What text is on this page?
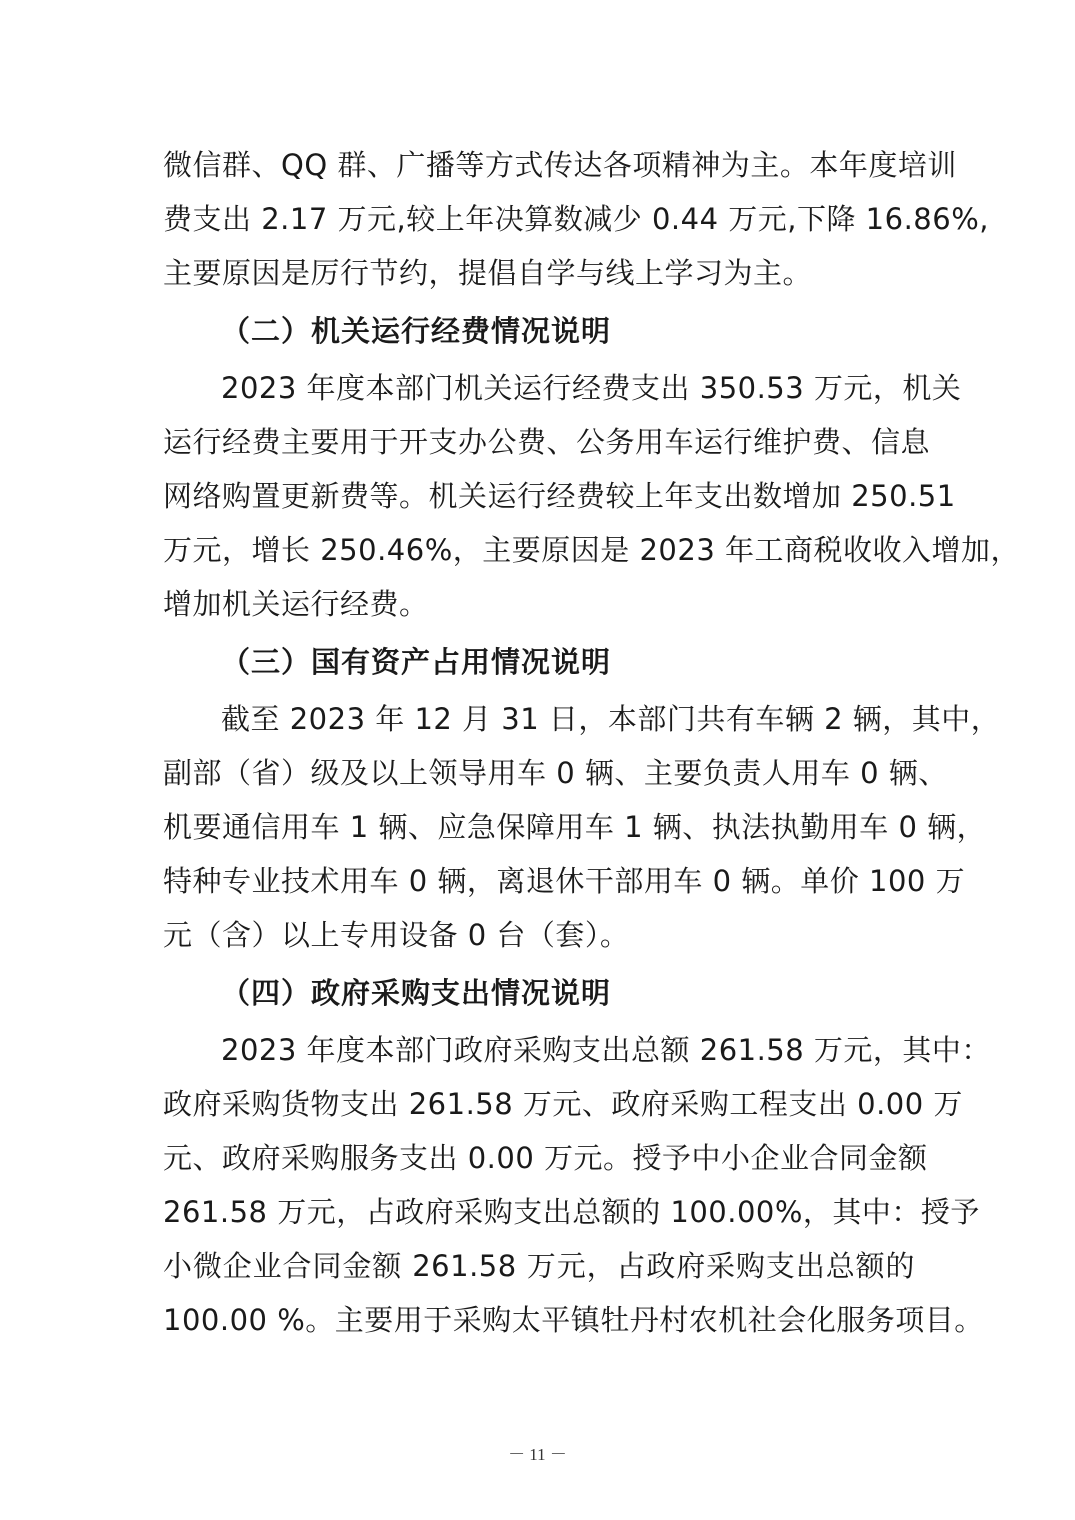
微信群、QQ 群、广播等方式传达各项精神为主。本年度培训

费支出 2.17 万元,较上年决算数减少 0.44 万元,下降 16.86%,

主要原因是厉行节约，提倡自学与线上学习为主。

（二）机关运行经费情况说明

2023 年度本部门机关运行经费支出 350.53 万元，机关

运行经费主要用于开支办公费、公务用车运行维护费、信息

网络购置更新费等。机关运行经费较上年支出数增加 250.51

万元，增长 250.46%，主要原因是 2023 年工商税收收入增加，

增加机关运行经费。

（三）国有资产占用情况说明

截至 2023 年 12 月 31 日，本部门共有车辆 2 辆，其中，

副部（省）级及以上领导用车 0 辆、主要负责人用车 0 辆、

机要通信用车 1 辆、应急保障用车 1 辆、执法执勤用车 0 辆，

特种专业技术用车 0 辆，离退休干部用车 0 辆。单价 100 万

元（含）以上专用设备 0 台（套）。

（四）政府采购支出情况说明

2023 年度本部门政府采购支出总额 261.58 万元，其中：

政府采购货物支出 261.58 万元、政府采购工程支出 0.00 万

元、政府采购服务支出 0.00 万元。授予中小企业合同金额

261.58 万元，占政府采购支出总额的 100.00%，其中：授予

小微企业合同金额 261.58 万元，占政府采购支出总额的

100.00 %。主要用于采购太平镇牡丹村农机社会化服务项目。

－ 11 －
